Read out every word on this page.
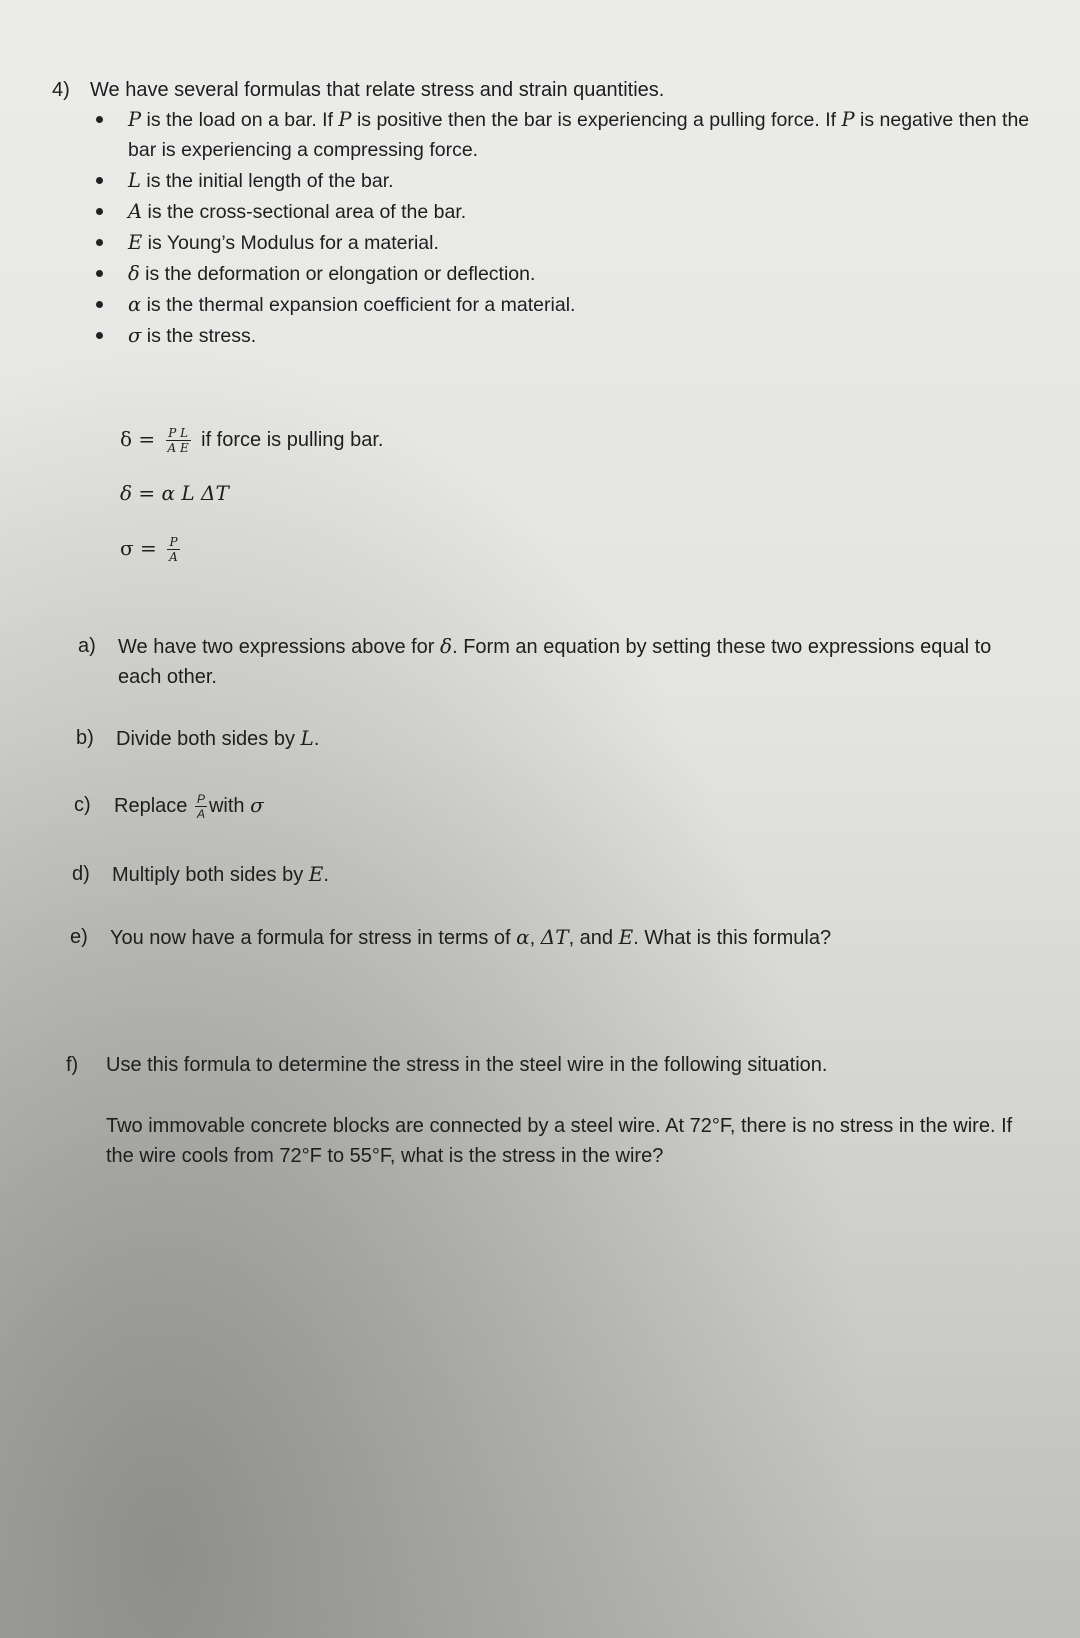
4) We have several formulas that relate stress and strain quantities.
P is the load on a bar. If P is positive then the bar is experiencing a pulling force. If P is negative then the bar is experiencing a compressing force.
L is the initial length of the bar.
A is the cross-sectional area of the bar.
E is Young’s Modulus for a material.
δ is the deformation or elongation or deflection.
α is the thermal expansion coefficient for a material.
σ is the stress.
$\delta = \frac{\text{P L}}{\text{A E}}$ if force is pulling bar.
δ = α L ΔT
$\sigma = \frac{P}{A}$
a) We have two expressions above for δ. Form an equation by setting these two expressions equal to each other.
b) Divide both sides by L.
c) Replace $\frac{P}{A}$ with σ
d) Multiply both sides by E.
e) You now have a formula for stress in terms of α, ΔT, and E. What is this formula?
f) Use this formula to determine the stress in the steel wire in the following situation.
Two immovable concrete blocks are connected by a steel wire. At 72°F, there is no stress in the wire. If the wire cools from 72°F to 55°F, what is the stress in the wire?
